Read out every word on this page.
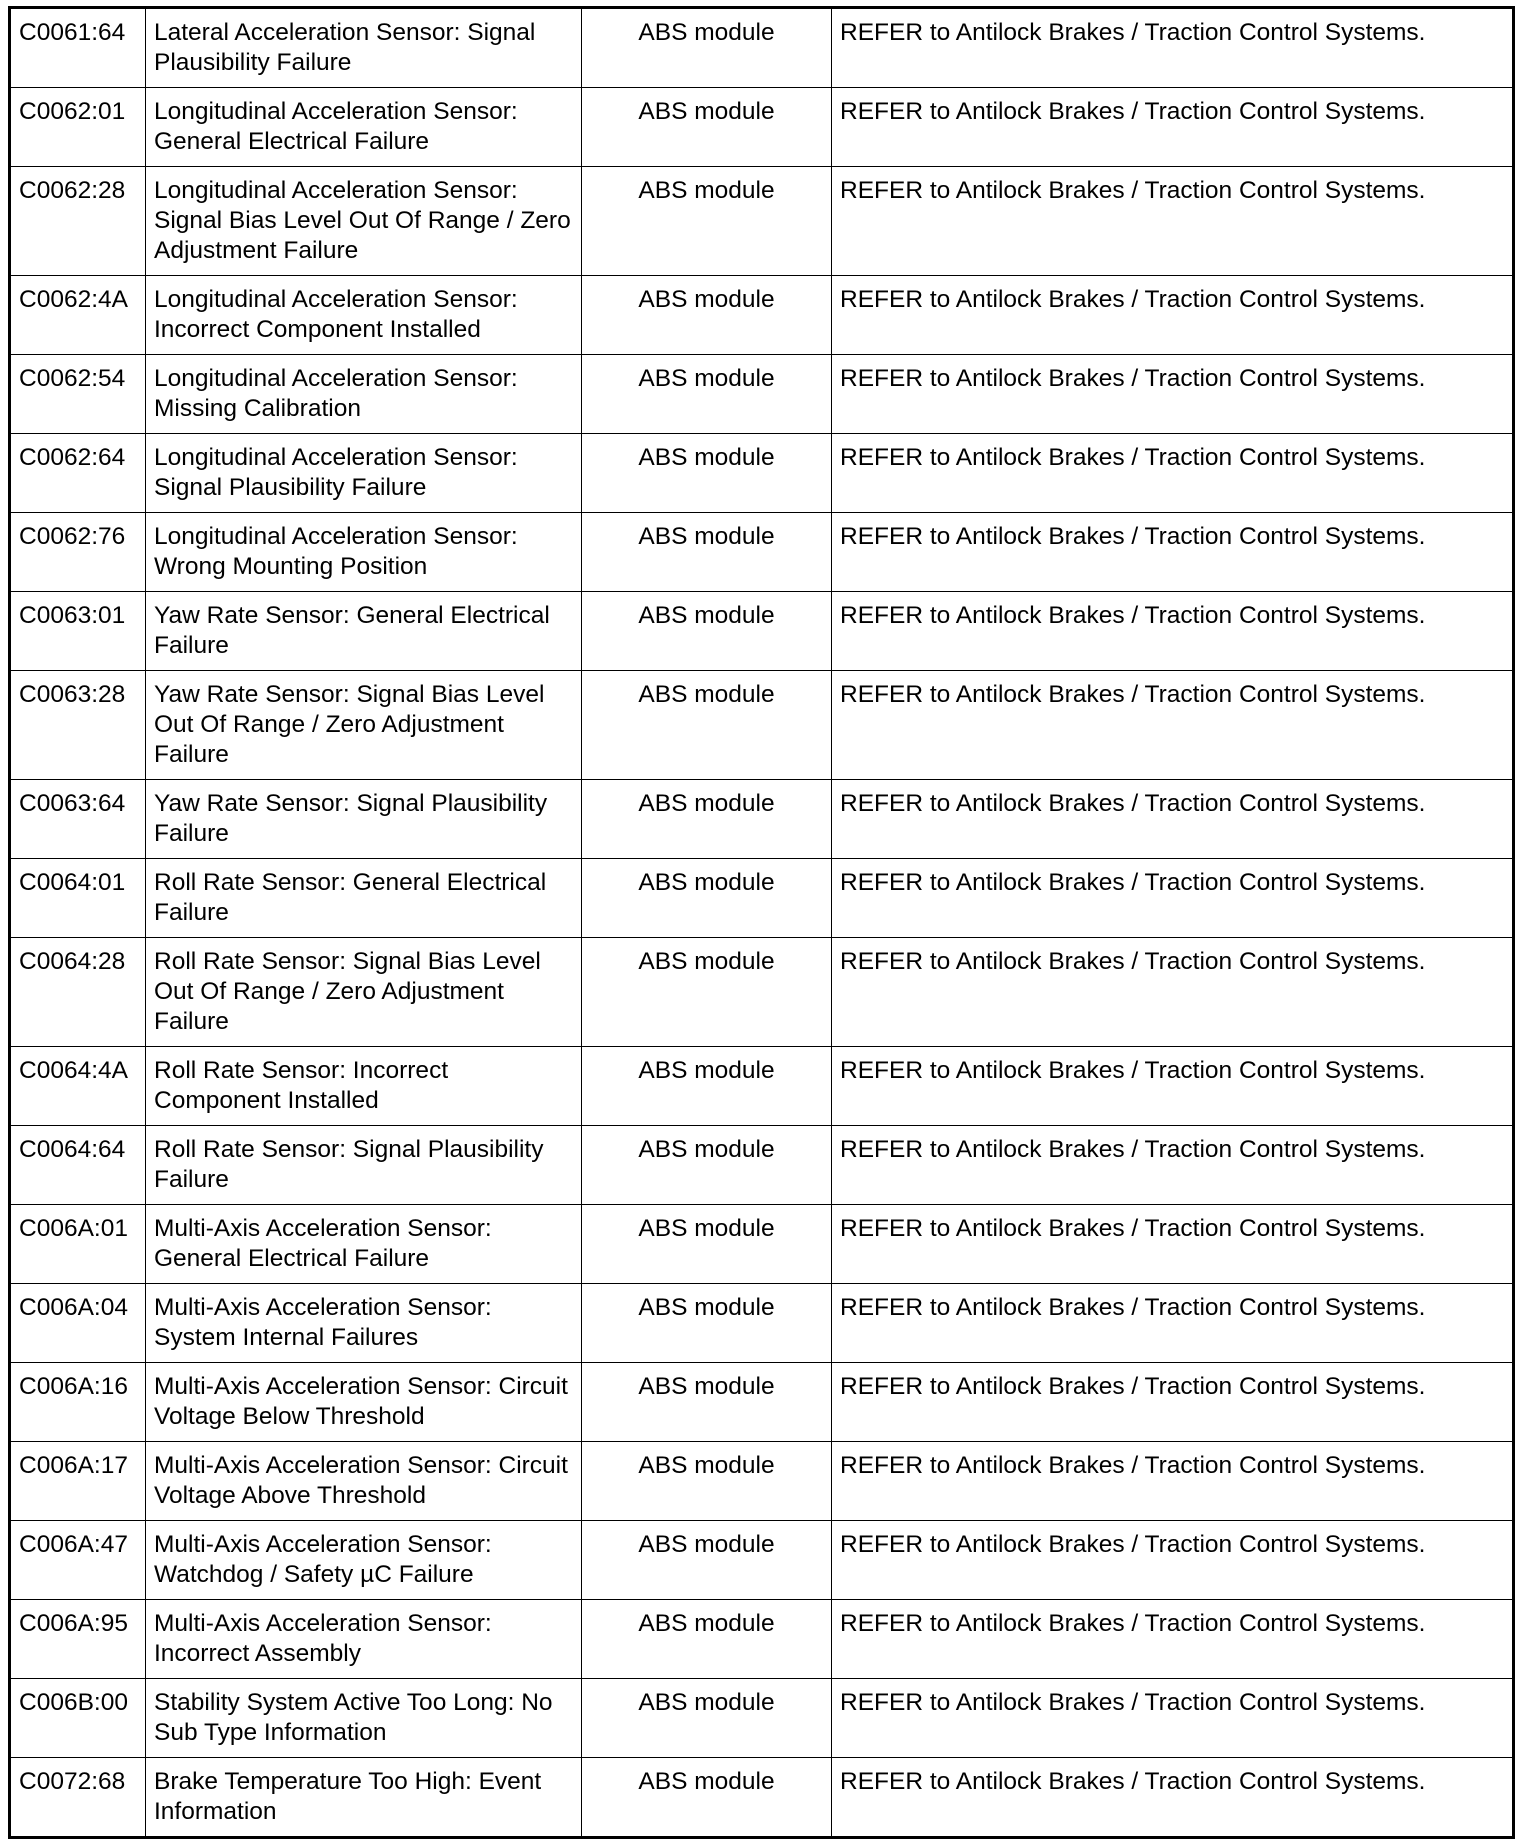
C0061:64	Lateral Acceleration Sensor: Signal Plausibility Failure	ABS module	REFER to Antilock Brakes / Traction Control Systems.
C0062:01	Longitudinal Acceleration Sensor: General Electrical Failure	ABS module	REFER to Antilock Brakes / Traction Control Systems.
C0062:28	Longitudinal Acceleration Sensor: Signal Bias Level Out Of Range / Zero Adjustment Failure	ABS module	REFER to Antilock Brakes / Traction Control Systems.
C0062:4A	Longitudinal Acceleration Sensor: Incorrect Component Installed	ABS module	REFER to Antilock Brakes / Traction Control Systems.
C0062:54	Longitudinal Acceleration Sensor: Missing Calibration	ABS module	REFER to Antilock Brakes / Traction Control Systems.
C0062:64	Longitudinal Acceleration Sensor: Signal Plausibility Failure	ABS module	REFER to Antilock Brakes / Traction Control Systems.
C0062:76	Longitudinal Acceleration Sensor: Wrong Mounting Position	ABS module	REFER to Antilock Brakes / Traction Control Systems.
C0063:01	Yaw Rate Sensor: General Electrical Failure	ABS module	REFER to Antilock Brakes / Traction Control Systems.
C0063:28	Yaw Rate Sensor: Signal Bias Level Out Of Range / Zero Adjustment Failure	ABS module	REFER to Antilock Brakes / Traction Control Systems.
C0063:64	Yaw Rate Sensor: Signal Plausibility Failure	ABS module	REFER to Antilock Brakes / Traction Control Systems.
C0064:01	Roll Rate Sensor: General Electrical Failure	ABS module	REFER to Antilock Brakes / Traction Control Systems.
C0064:28	Roll Rate Sensor: Signal Bias Level Out Of Range / Zero Adjustment Failure	ABS module	REFER to Antilock Brakes / Traction Control Systems.
C0064:4A	Roll Rate Sensor: Incorrect Component Installed	ABS module	REFER to Antilock Brakes / Traction Control Systems.
C0064:64	Roll Rate Sensor: Signal Plausibility Failure	ABS module	REFER to Antilock Brakes / Traction Control Systems.
C006A:01	Multi-Axis Acceleration Sensor: General Electrical Failure	ABS module	REFER to Antilock Brakes / Traction Control Systems.
C006A:04	Multi-Axis Acceleration Sensor: System Internal Failures	ABS module	REFER to Antilock Brakes / Traction Control Systems.
C006A:16	Multi-Axis Acceleration Sensor: Circuit Voltage Below Threshold	ABS module	REFER to Antilock Brakes / Traction Control Systems.
C006A:17	Multi-Axis Acceleration Sensor: Circuit Voltage Above Threshold	ABS module	REFER to Antilock Brakes / Traction Control Systems.
C006A:47	Multi-Axis Acceleration Sensor: Watchdog / Safety µC Failure	ABS module	REFER to Antilock Brakes / Traction Control Systems.
C006A:95	Multi-Axis Acceleration Sensor: Incorrect Assembly	ABS module	REFER to Antilock Brakes / Traction Control Systems.
C006B:00	Stability System Active Too Long: No Sub Type Information	ABS module	REFER to Antilock Brakes / Traction Control Systems.
C0072:68	Brake Temperature Too High: Event Information	ABS module	REFER to Antilock Brakes / Traction Control Systems.
